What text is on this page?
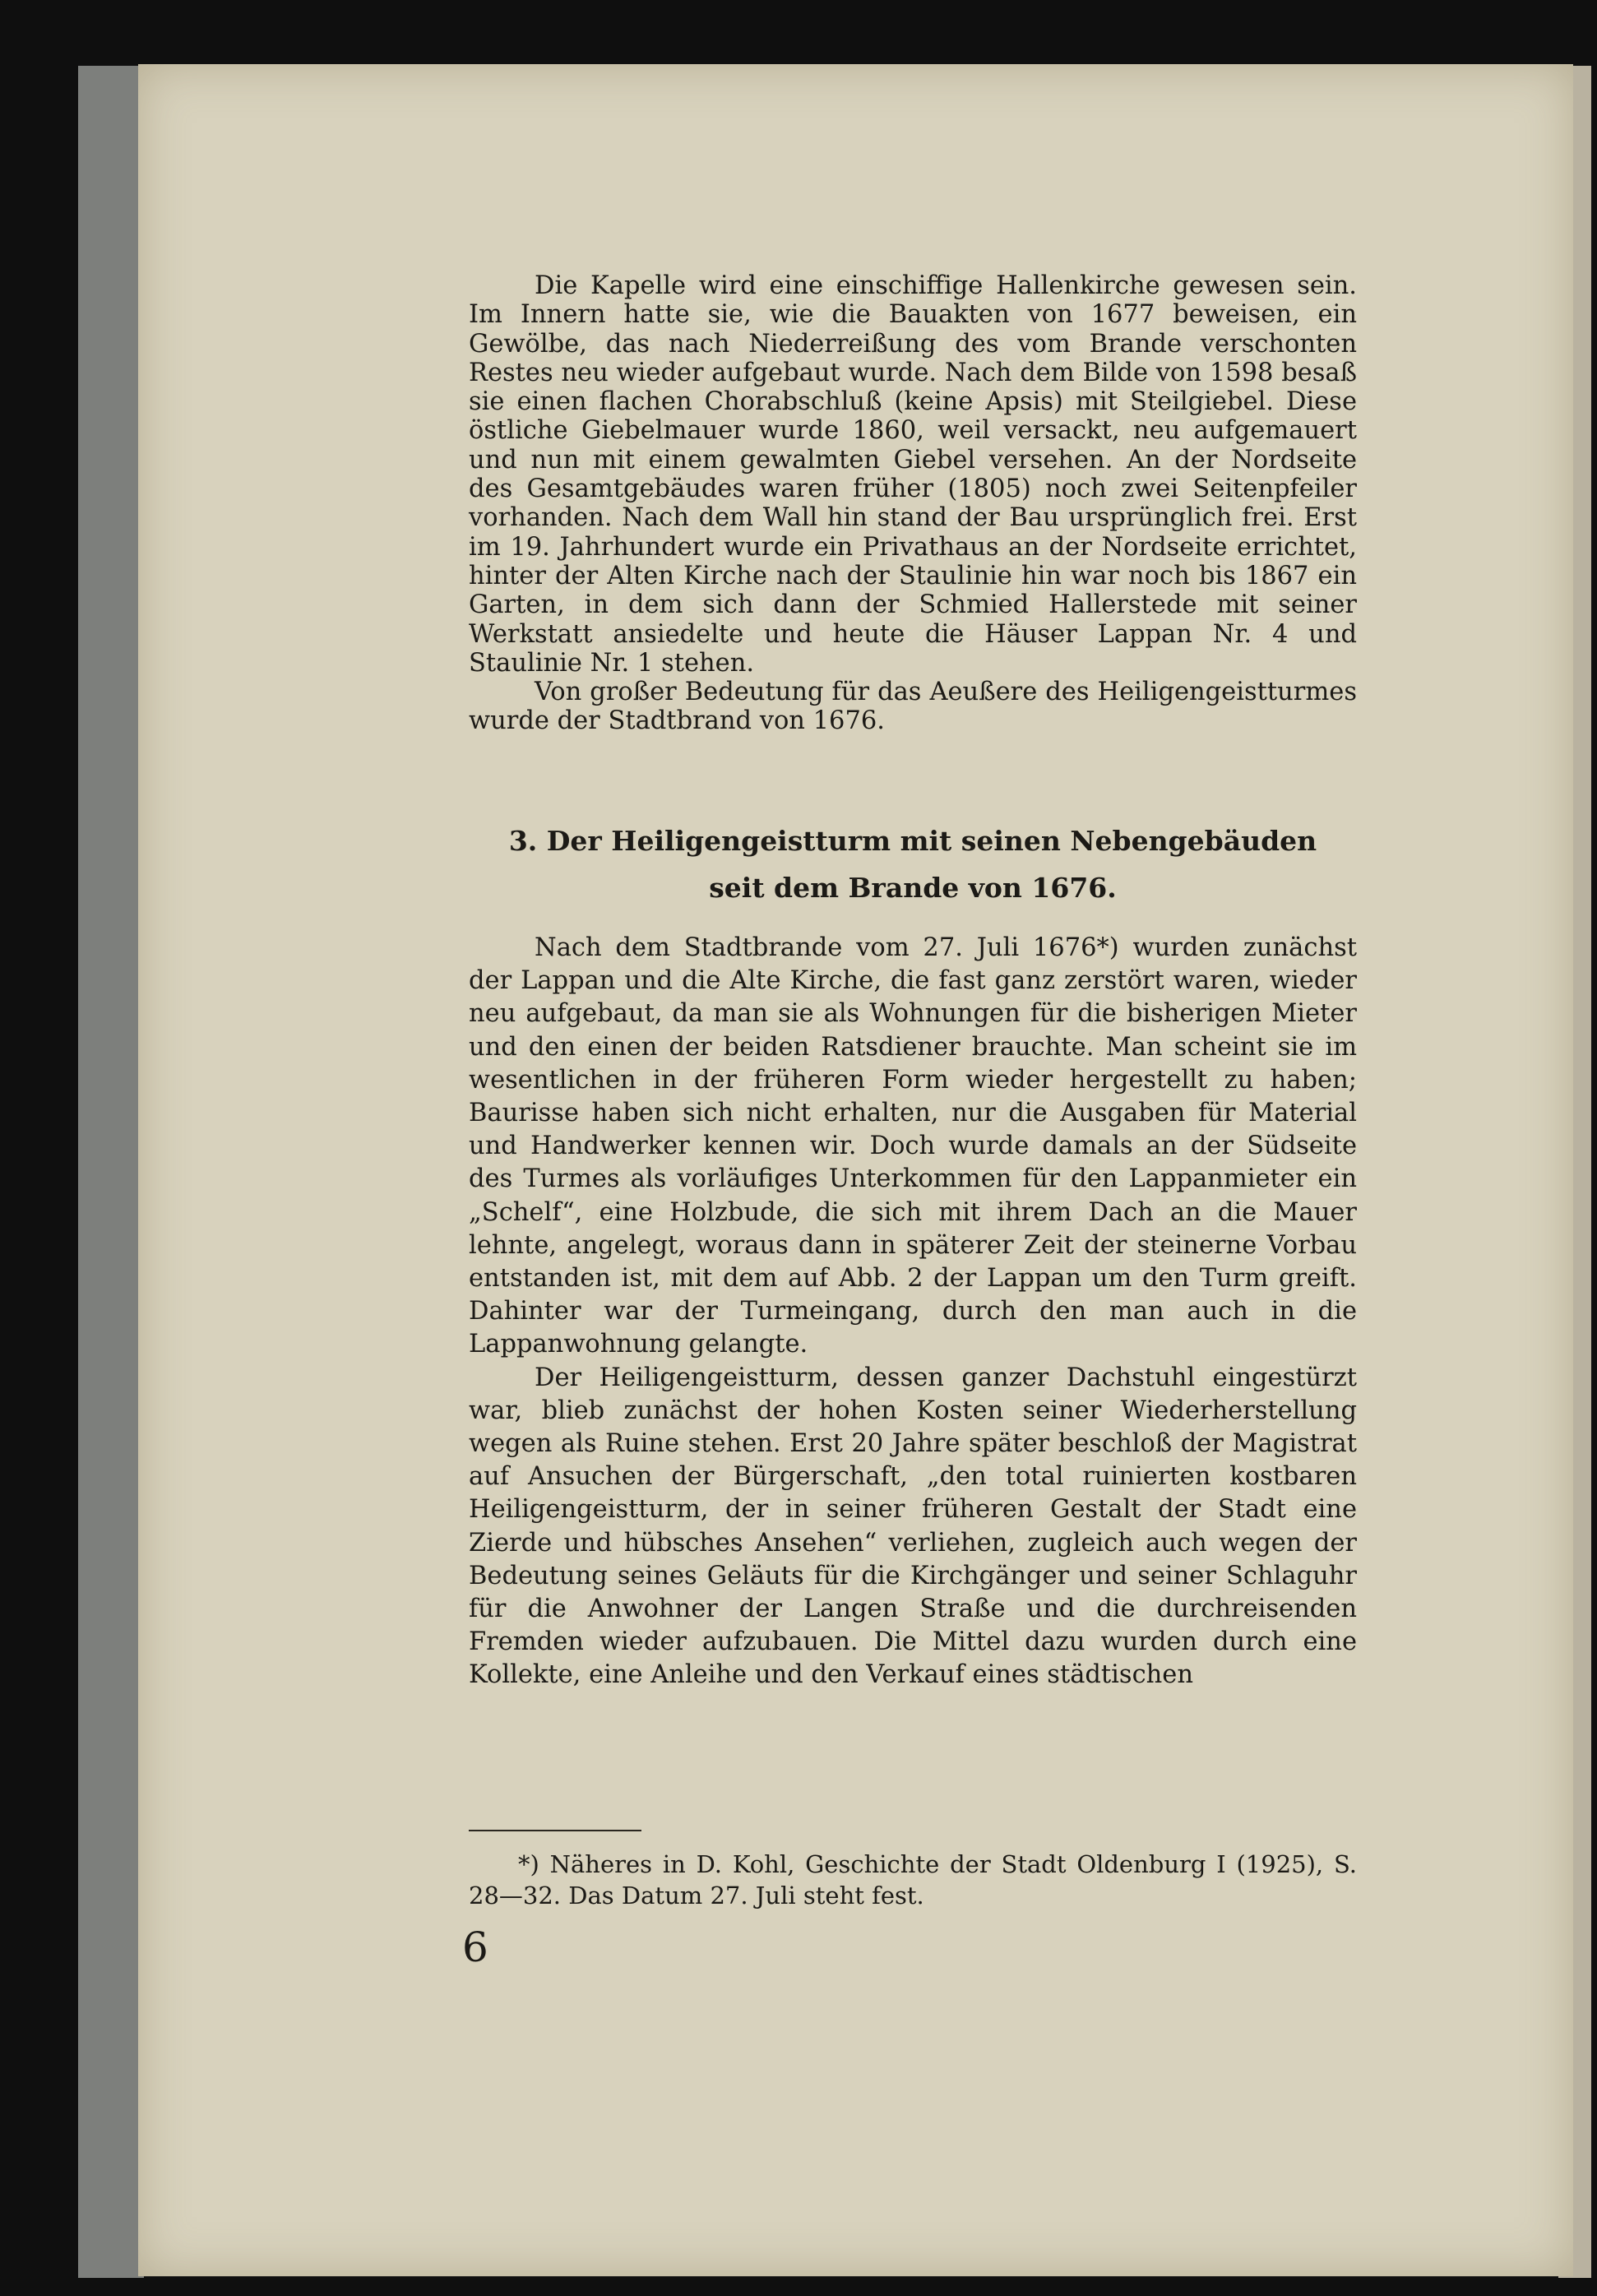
Die Kapelle wird eine einschiffige Hallenkirche gewesen sein. Im Innern hatte sie, wie die Bauakten von 1677 beweisen, ein Gewölbe, das nach Niederreißung des vom Brande verschonten Restes neu wieder aufgebaut wurde. Nach dem Bilde von 1598 besaß sie einen flachen Chorabschluß (keine Apsis) mit Steilgiebel. Diese östliche Giebelmauer wurde 1860, weil versackt, neu aufgemauert und nun mit einem gewalmten Giebel versehen. An der Nordseite des Gesamtgebäudes waren früher (1805) noch zwei Seitenpfeiler vorhanden. Nach dem Wall hin stand der Bau ursprünglich frei. Erst im 19. Jahrhundert wurde ein Privathaus an der Nordseite errichtet, hinter der Alten Kirche nach der Staulinie hin war noch bis 1867 ein Garten, in dem sich dann der Schmied Hallerstede mit seiner Werkstatt ansiedelte und heute die Häuser Lappan Nr. 4 und Staulinie Nr. 1 stehen.

Von großer Bedeutung für das Aeußere des Heiligengeistturmes wurde der Stadtbrand von 1676.

3. Der Heiligengeistturm mit seinen Nebengebäuden
seit dem Brande von 1676.

Nach dem Stadtbrande vom 27. Juli 1676*) wurden zunächst der Lappan und die Alte Kirche, die fast ganz zerstört waren, wieder neu aufgebaut, da man sie als Wohnungen für die bisherigen Mieter und den einen der beiden Ratsdiener brauchte. Man scheint sie im wesentlichen in der früheren Form wieder hergestellt zu haben; Baurisse haben sich nicht erhalten, nur die Ausgaben für Material und Handwerker kennen wir. Doch wurde damals an der Südseite des Turmes als vorläufiges Unterkommen für den Lappanmieter ein „Schelf“, eine Holzbude, die sich mit ihrem Dach an die Mauer lehnte, angelegt, woraus dann in späterer Zeit der steinerne Vorbau entstanden ist, mit dem auf Abb. 2 der Lappan um den Turm greift. Dahinter war der Turmeingang, durch den man auch in die Lappanwohnung gelangte.

Der Heiligengeistturm, dessen ganzer Dachstuhl eingestürzt war, blieb zunächst der hohen Kosten seiner Wiederherstellung wegen als Ruine stehen. Erst 20 Jahre später beschloß der Magistrat auf Ansuchen der Bürgerschaft, „den total ruinierten kostbaren Heiligengeistturm, der in seiner früheren Gestalt der Stadt eine Zierde und hübsches Ansehen“ verliehen, zugleich auch wegen der Bedeutung seines Geläuts für die Kirchgänger und seiner Schlaguhr für die Anwohner der Langen Straße und die durchreisenden Fremden wieder aufzubauen. Die Mittel dazu wurden durch eine Kollekte, eine Anleihe und den Verkauf eines städtischen

*) Näheres in D. Kohl, Geschichte der Stadt Oldenburg I (1925), S. 28—32. Das Datum 27. Juli steht fest.

6
